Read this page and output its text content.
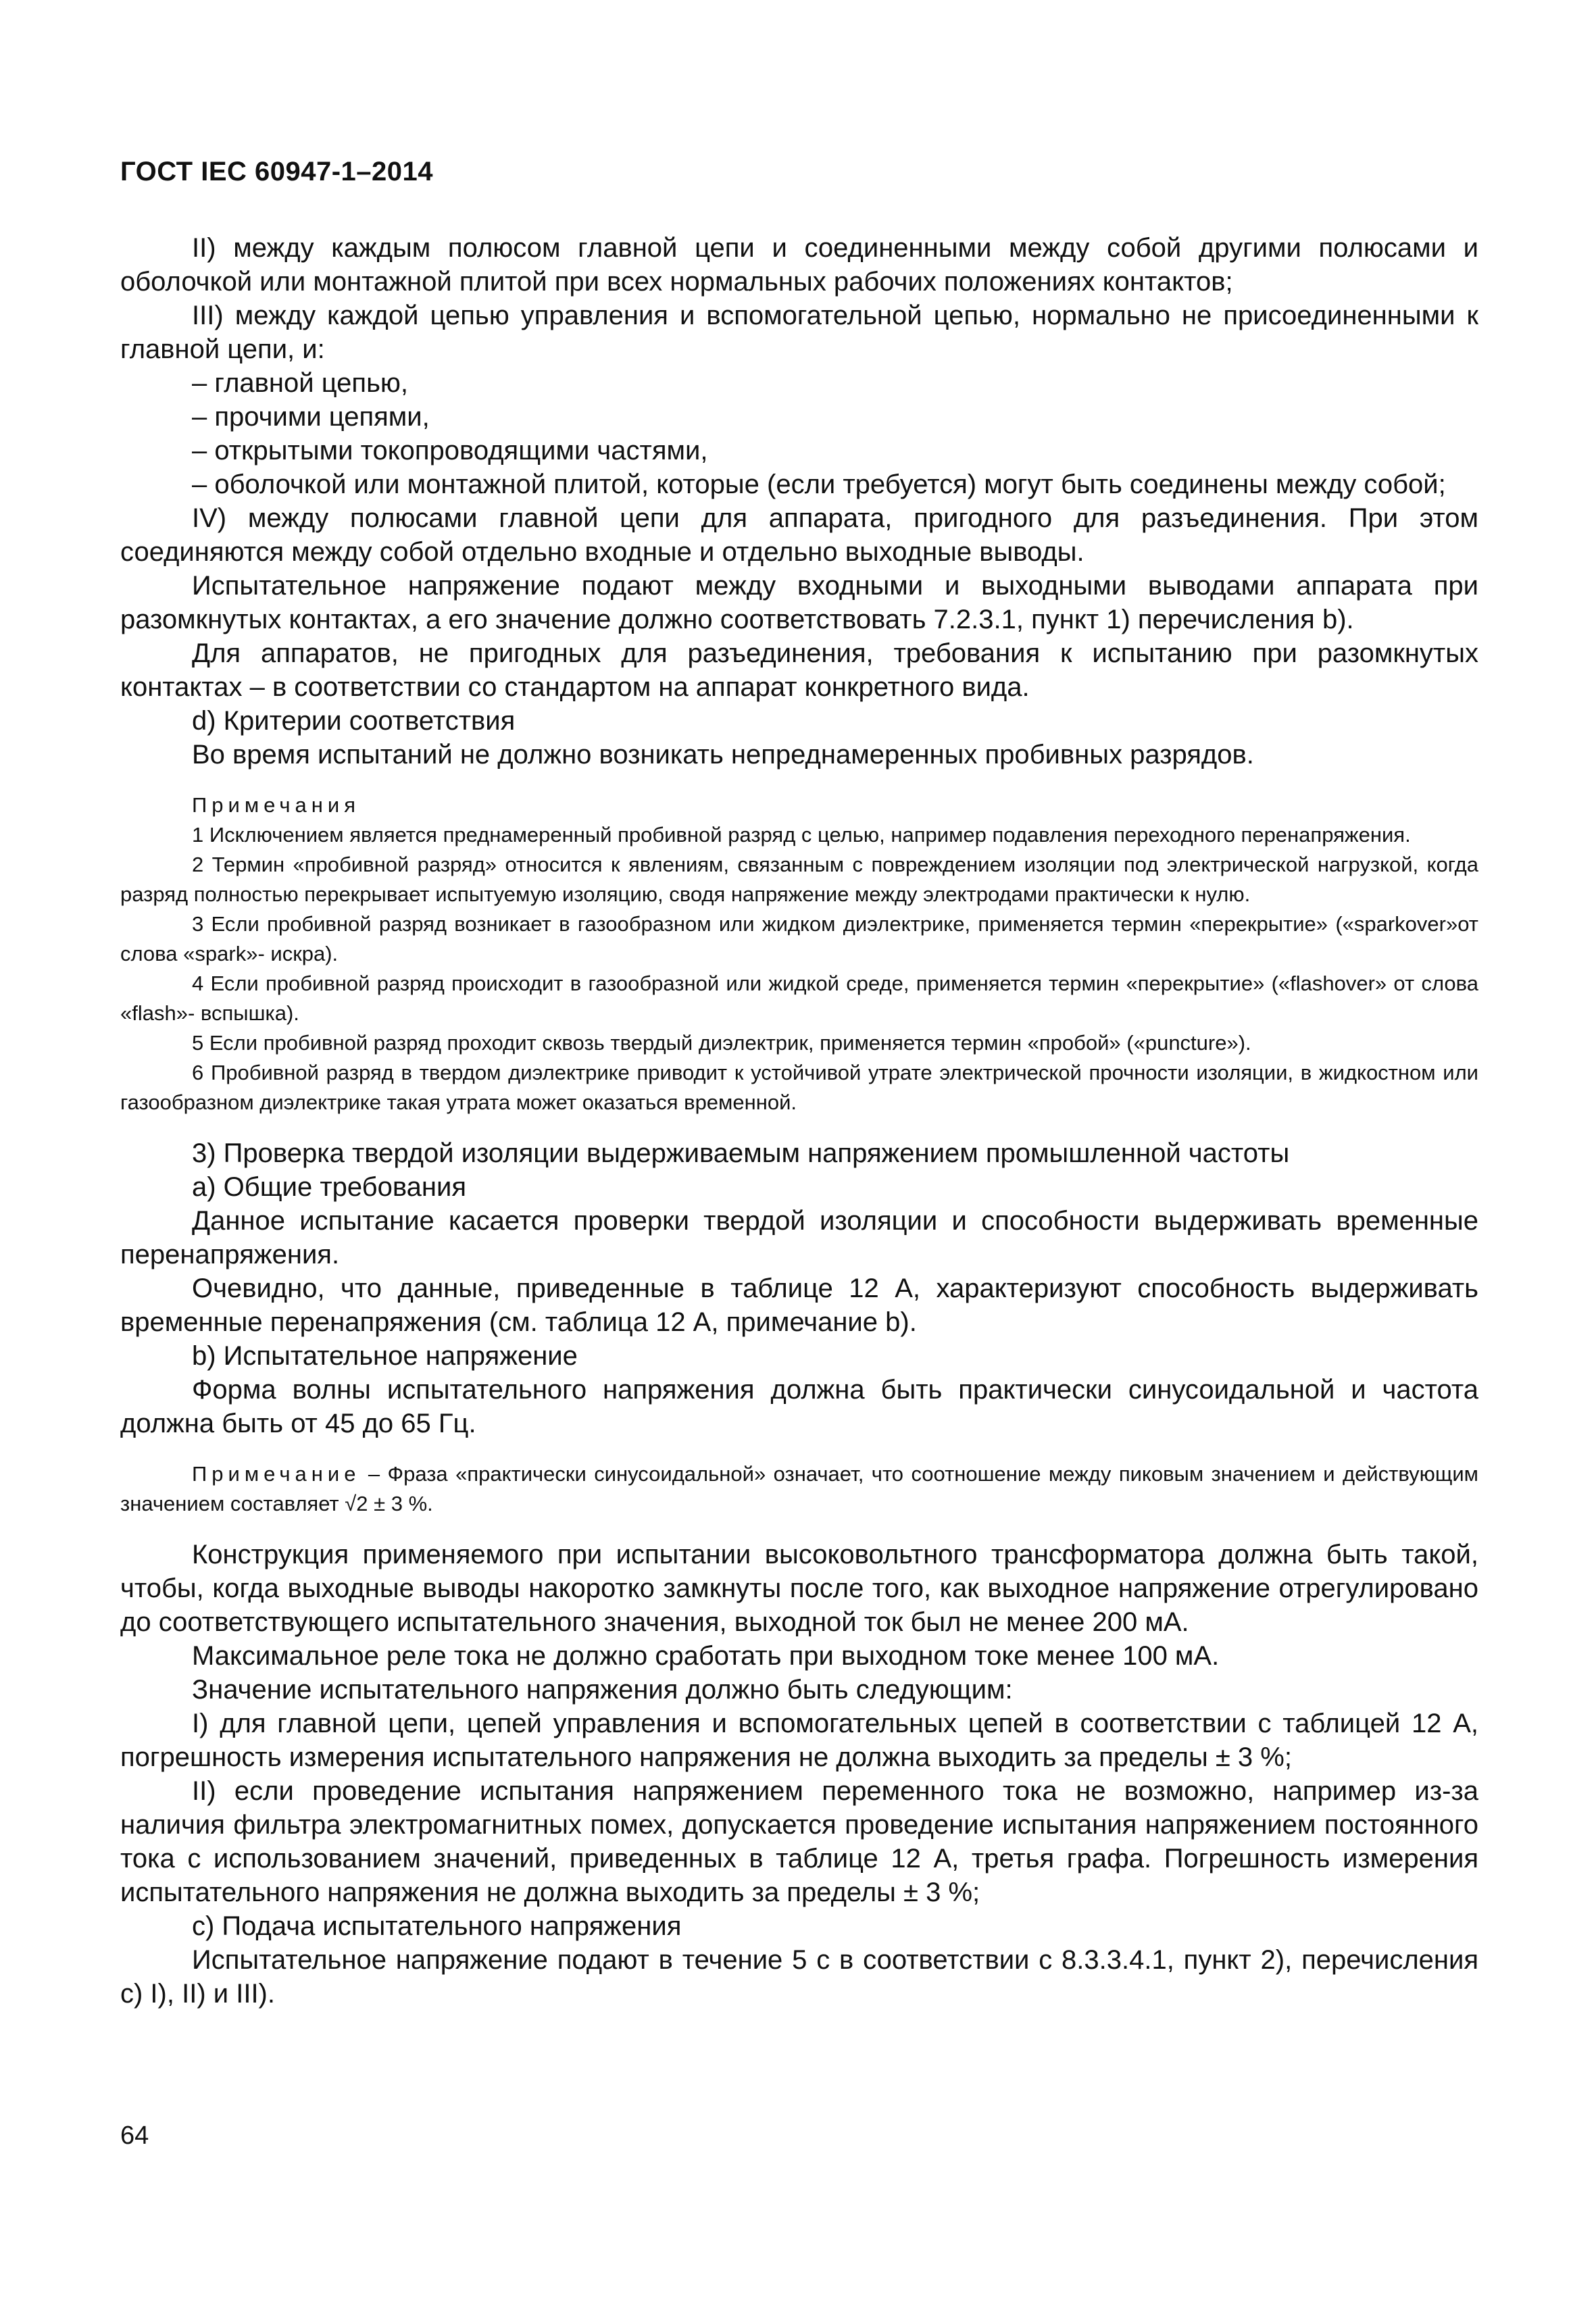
ГОСТ IEC 60947-1–2014

II) между каждым полюсом главной цепи и соединенными между собой другими полюсами и оболочкой или монтажной плитой при всех нормальных рабочих положениях контактов;

III) между каждой цепью управления и вспомогательной цепью, нормально не присоединенными к главной цепи, и:

– главной цепью,

– прочими цепями,

– открытыми токопроводящими частями,

– оболочкой или монтажной плитой, которые (если требуется) могут быть соединены между собой;

IV) между полюсами главной цепи для аппарата, пригодного для разъединения. При этом соединяются между собой отдельно входные и отдельно выходные выводы.

Испытательное напряжение подают между входными и выходными выводами аппарата при разомкнутых контактах, а его значение должно соответствовать 7.2.3.1, пункт 1) перечисления b).

Для аппаратов, не пригодных для разъединения, требования к испытанию при разомкнутых контактах – в соответствии со стандартом на аппарат конкретного вида.

d) Критерии соответствия

Во время испытаний не должно возникать непреднамеренных пробивных разрядов.

Примечания

1 Исключением является преднамеренный пробивной разряд с целью, например подавления переходного перенапряжения.

2 Термин «пробивной разряд» относится к явлениям, связанным с повреждением изоляции под электрической нагрузкой, когда разряд полностью перекрывает испытуемую изоляцию, сводя напряжение между электродами практически к нулю.

3 Если пробивной разряд возникает в газообразном или жидком диэлектрике, применяется термин «перекрытие» («sparkover»от слова «spark»- искра).

4 Если пробивной разряд происходит в газообразной или жидкой среде, применяется термин «перекрытие» («flashover» от слова «flash»- вспышка).

5 Если пробивной разряд проходит сквозь твердый диэлектрик, применяется термин «пробой» («puncture»).

6 Пробивной разряд в твердом диэлектрике приводит к устойчивой утрате электрической прочности изоляции, в жидкостном или газообразном диэлектрике такая утрата может оказаться временной.

3) Проверка твердой изоляции выдерживаемым напряжением промышленной частоты

a) Общие требования

Данное испытание касается проверки твердой изоляции и способности выдерживать временные перенапряжения.

Очевидно, что данные, приведенные в таблице 12 A, характеризуют способность выдерживать временные перенапряжения (см. таблица 12 A, примечание b).

b) Испытательное напряжение

Форма волны испытательного напряжения должна быть практически синусоидальной и частота должна быть от 45 до 65 Гц.

Примечание – Фраза «практически синусоидальной» означает, что соотношение между пиковым значением и действующим значением составляет √2 ± 3 %.

Конструкция применяемого при испытании высоковольтного трансформатора должна быть такой, чтобы, когда выходные выводы накоротко замкнуты после того, как выходное напряжение отрегулировано до соответствующего испытательного значения, выходной ток был не менее 200 мА.

Максимальное реле тока не должно сработать при выходном токе менее 100 мА.

Значение испытательного напряжения должно быть следующим:

I) для главной цепи, цепей управления и вспомогательных цепей в соответствии с таблицей 12 A, погрешность измерения испытательного напряжения не должна выходить за пределы ± 3 %;

II) если проведение испытания напряжением переменного тока не возможно, например из-за наличия фильтра электромагнитных помех, допускается проведение испытания напряжением постоянного тока с использованием значений, приведенных в таблице 12 A, третья графа. Погрешность измерения испытательного напряжения не должна выходить за пределы ± 3 %;

c) Подача испытательного напряжения

Испытательное напряжение подают в течение 5 с в соответствии с 8.3.3.4.1, пункт 2), перечисления c) I), II) и III).

64
